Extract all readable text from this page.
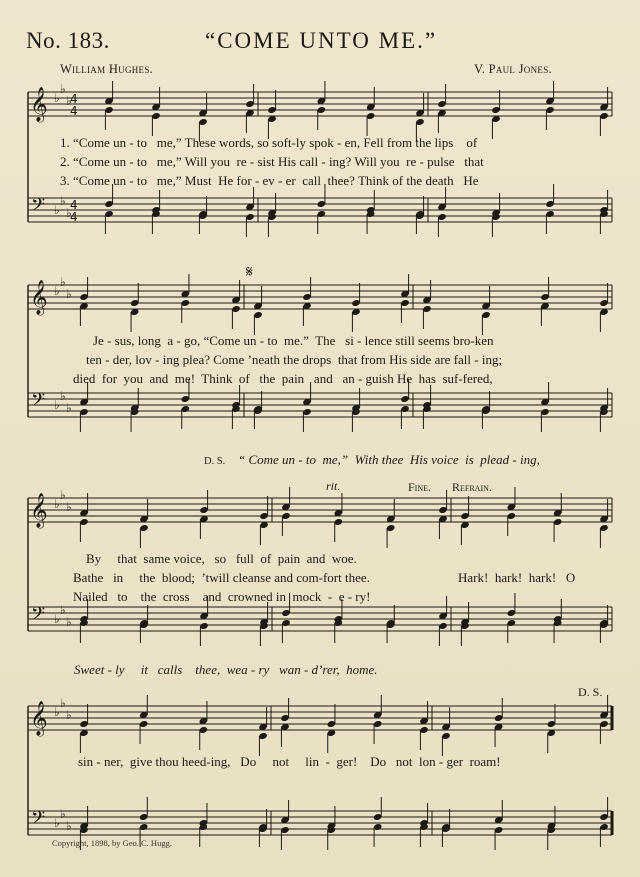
No. 183.	“COME UNTO ME.”
William Hughes.	V. Paul Jones.
𝄞
𝄢
♭
♭
♭
♭
♭
♭
4
4
4
4
𝄞
𝄢
♭
♭
♭
♭
♭
♭
𝄞
𝄢
♭
♭
♭
♭
♭
♭
𝄞
𝄢
♭
♭
♭
♭
♭
♭
1. “Come un - to   me,” These words, so soft-ly spok - en, Fell from the lips    of
2. “Come un - to   me,” Will you  re - sist His call - ing? Will you  re - pulse   that
3. “Come un - to   me,” Must  He for - ev - er  call  thee? Think of the death   He
𝄋
Je - sus, long  a - go, “Come un - to  me.”  The   si - lence still seems bro-ken
ten - der, lov - ing plea? Come ’neath the drops  that from His side are fall - ing;
died  for  you  and  me!  Think  of   the  pain   and   an - guish He  has  suf-fered,
D. S. “ Come un - to  me,”  With thee  His voice  is  plead - ing,
rit.	Fine. Refrain.
By     that  same voice,   so   full  of  pain  and  woe.
Bathe   in     the  blood;  ’twill cleanse and com-fort thee.
Nailed   to    the  cross    and  crowned in  mock  -  e - ry!
Hark!  hark!  hark!   O
Sweet - ly     it   calls    thee,  wea - ry   wan - d’rer,  home.
D. S.
sin - ner,  give thou heed-ing,   Do     not     lin  -  ger!    Do   not  lon - ger  roam!
Copyright, 1898, by Geo. C. Hugg.
